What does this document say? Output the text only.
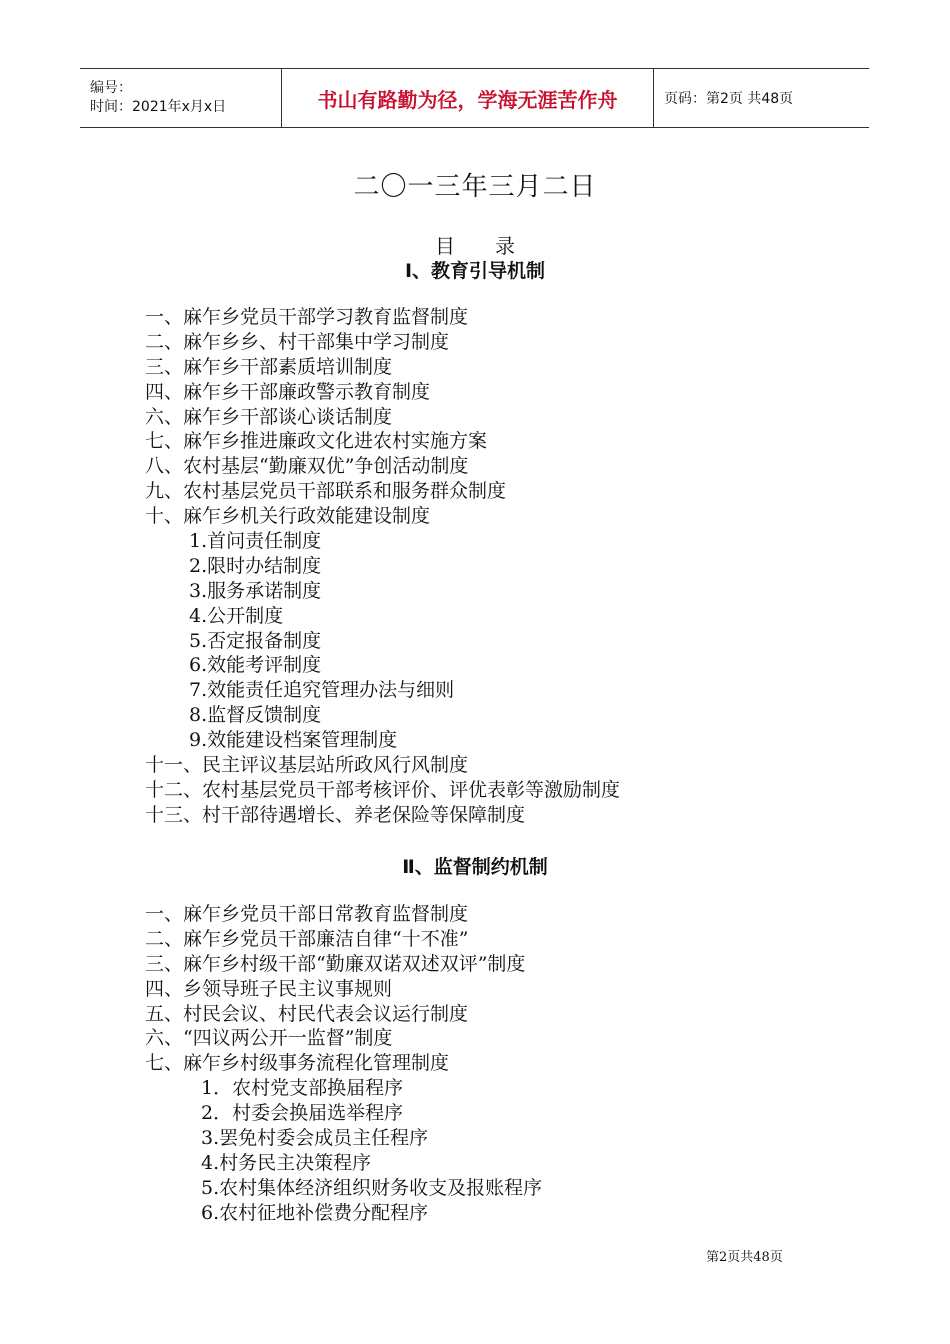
编号：
时间：2021年x月x日	书山有路勤为径，学海无涯苦作舟	页码：第2页 共48页
二〇一三年三月二日
目　　录
Ⅰ、教育引导机制
一、麻乍乡党员干部学习教育监督制度
二、麻乍乡乡、村干部集中学习制度
三、麻乍乡干部素质培训制度
四、麻乍乡干部廉政警示教育制度
六、麻乍乡干部谈心谈话制度
七、麻乍乡推进廉政文化进农村实施方案
八、农村基层“勤廉双优”争创活动制度
九、农村基层党员干部联系和服务群众制度
十、麻乍乡机关行政效能建设制度
1.首问责任制度
2.限时办结制度
3.服务承诺制度
4.公开制度
5.否定报备制度
6.效能考评制度
7.效能责任追究管理办法与细则
8.监督反馈制度
9.效能建设档案管理制度
十一、民主评议基层站所政风行风制度
十二、农村基层党员干部考核评价、评优表彰等激励制度
十三、村干部待遇增长、养老保险等保障制度
Ⅱ、监督制约机制
一、麻乍乡党员干部日常教育监督制度
二、麻乍乡党员干部廉洁自律“十不准”
三、麻乍乡村级干部“勤廉双诺双述双评”制度
四、乡领导班子民主议事规则
五、村民会议、村民代表会议运行制度
六、“四议两公开一监督”制度
七、麻乍乡村级事务流程化管理制度
1．农村党支部换届程序
2．村委会换届选举程序
3.罢免村委会成员主任程序
4.村务民主决策程序
5.农村集体经济组织财务收支及报账程序
6.农村征地补偿费分配程序
第2页共48页
